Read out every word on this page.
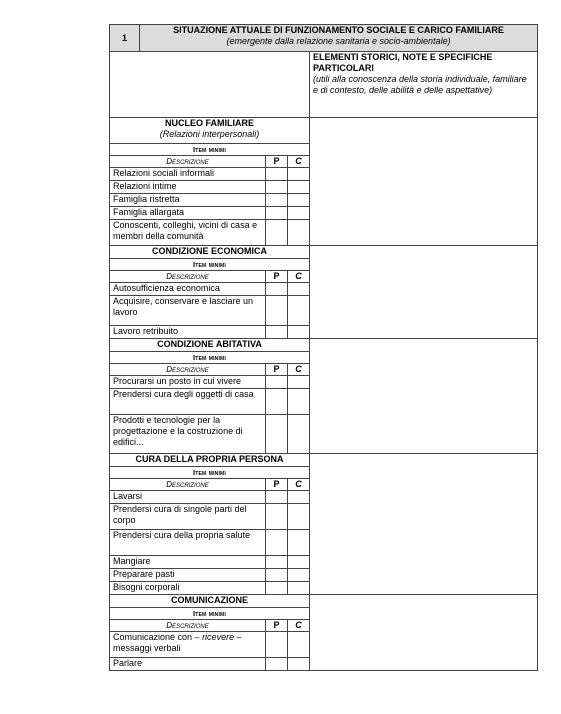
1	SITUAZIONE ATTUALE DI FUNZIONAMENTO SOCIALE E CARICO FAMILIARE
(emergente dalla relazione sanitaria e socio-ambientale)			

				ELEMENTI STORICI, NOTE E SPECIFICHE PARTICOLARI
(utili alla conoscenza della storia individuale, familiare e di contesto, delle abilità e delle aspettative)

NUCLEO FAMILIARE
(Relazioni interpersonali)				

Item minimi				
Descrizione		P	C	
Relazioni sociali informali				
Relazioni intime				
Famiglia ristretta				
Famiglia allargata				
Conoscenti, colleghi, vicini di casa e membri della comunità				
CONDIZIONE ECONOMICA				
Item minimi				
Descrizione		P	C	
Autosufficienza economica				
Acquisire, conservare e lasciare un lavoro				
Lavoro retribuito				
CONDIZIONE ABITATIVA				
Item minimi				
Descrizione		P	C	
Procurarsi un posto in cui vivere				
Prendersi cura degli oggetti di casa				
Prodotti e tecnologie per la progettazione e la costruzione di edifici...				
CURA DELLA PROPRIA PERSONA				
Item minimi				
Descrizione		P	C	
Lavarsi				
Prendersi cura di singole parti del corpo				
Prendersi cura della propria salute				
Mangiare				
Preparare pasti				
Bisogni corporali				
COMUNICAZIONE				
Item minimi				
Descrizione		P	C	
Comunicazione con – ricevere – messaggi verbali				
Parlare				
